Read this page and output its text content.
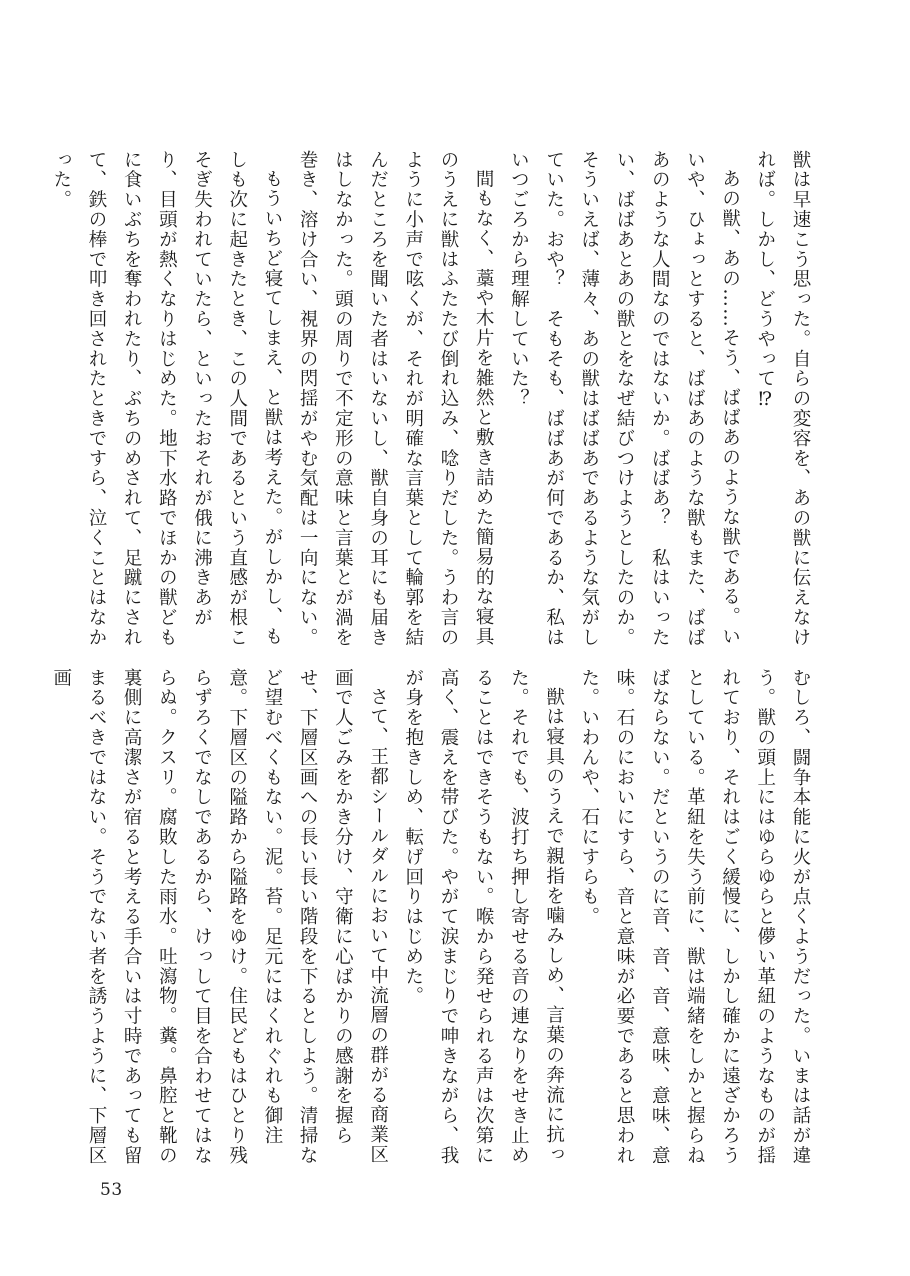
獣は早速こう思った。自らの変容を、あの獣に伝えなければ。しかし、どうやって⁉

あの獣、あの……そう、ばばあのような獣である。いいや、ひょっとすると、ばばあのような獣もまた、ばばあのような人間なのではないか。ばばあ？　私はいったい、ばばあとあの獣とをなぜ結びつけようとしたのか。そういえば、薄々、あの獣はばばあであるような気がしていた。おや？　そもそも、ばばあが何であるか、私はいつごろから理解していた？

間もなく、藁や木片を雑然と敷き詰めた簡易的な寝具のうえに獣はふたたび倒れ込み、唸りだした。うわ言のように小声で呟くが、それが明確な言葉として輪郭を結んだところを聞いた者はいないし、獣自身の耳にも届きはしなかった。頭の周りで不定形の意味と言葉とが渦を巻き、溶け合い、視界の閃揺がやむ気配は一向にない。

もういちど寝てしまえ、と獣は考えた。がしかし、もしも次に起きたとき、この人間であるという直感が根こそぎ失われていたら、といったおそれが俄に沸きあがり、目頭が熱くなりはじめた。地下水路でほかの獣どもに食いぶちを奪われたり、ぶちのめされて、足蹴にされて、鉄の棒で叩き回されたときですら、泣くことはなかった。

むしろ、闘争本能に火が点くようだった。いまは話が違う。獣の頭上にはゆらゆらと儚い革紐のようなものが揺れており、それはごく緩慢に、しかし確かに遠ざかろうとしている。革紐を失う前に、獣は端緒をしかと握らねばならない。だというのに音、音、音、意味、意味、意味。石のにおいにすら、音と意味が必要であると思われた。いわんや、石にすらも。

獣は寝具のうえで親指を噛みしめ、言葉の奔流に抗った。それでも、波打ち押し寄せる音の連なりをせき止めることはできそうもない。喉から発せられる声は次第に高く、震えを帯びた。やがて涙まじりで呻きながら、我が身を抱きしめ、転げ回りはじめた。

さて、王都シールダルにおいて中流層の群がる商業区画で人ごみをかき分け、守衛に心ばかりの感謝を握らせ、下層区画への長い長い階段を下るとしよう。清掃など望むべくもない。泥。苔。足元にはくれぐれも御注意。下層区の隘路から隘路をゆけ。住民どもはひとり残らずろくでなしであるから、けっして目を合わせてはならぬ。クスリ。腐敗した雨水。吐瀉物。糞。鼻腔と靴の裏側に高潔さが宿ると考える手合いは寸時であっても留まるべきではない。そうでない者を誘うように、下層区画

53
